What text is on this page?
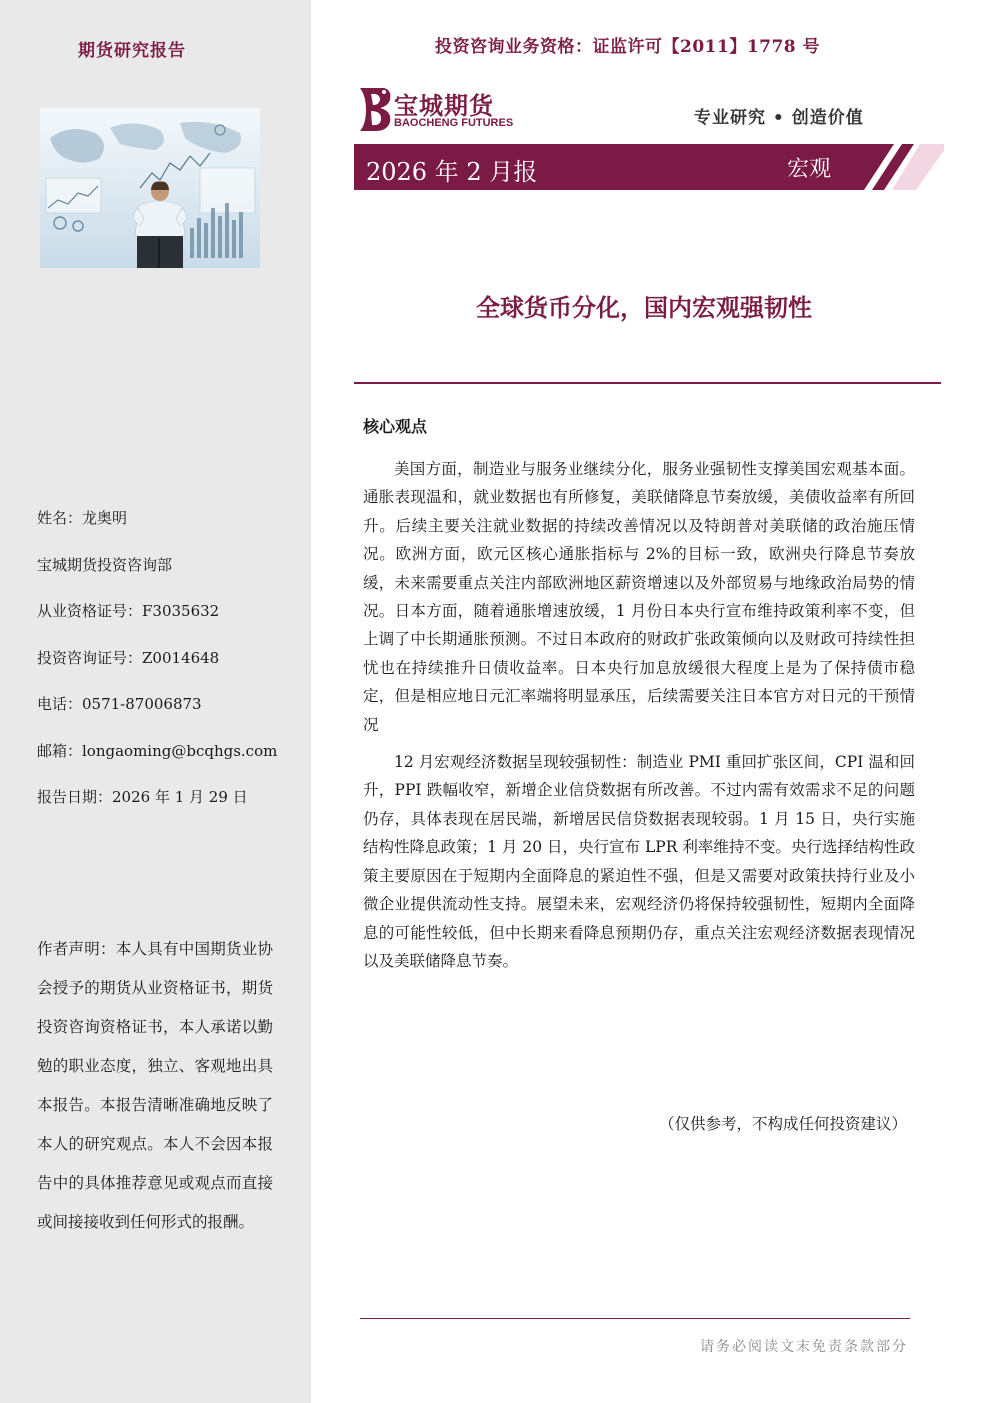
期货研究报告
姓名：龙奥明
宝城期货投资咨询部
从业资格证号：F3035632
投资咨询证号：Z0014648
电话：0571-87006873
邮箱：longaoming@bcqhgs.com
报告日期：2026 年 1 月 29 日
作者声明：本人具有中国期货业协会授予的期货从业资格证书，期货投资咨询资格证书，本人承诺以勤勉的职业态度，独立、客观地出具本报告。本报告清晰准确地反映了本人的研究观点。本人不会因本报告中的具体推荐意见或观点而直接或间接接收到任何形式的报酬。
投资咨询业务资格：证监许可【2011】1778 号
宝城期货
BAOCHENG FUTURES	专业研究 • 创造价值
2026 年 2 月报	宏观
全球货币分化，国内宏观强韧性
核心观点

美国方面，制造业与服务业继续分化，服务业强韧性支撑美国宏观基本面。通胀表现温和，就业数据也有所修复，美联储降息节奏放缓，美债收益率有所回升。后续主要关注就业数据的持续改善情况以及特朗普对美联储的政治施压情况。欧洲方面，欧元区核心通胀指标与 2%的目标一致，欧洲央行降息节奏放缓，未来需要重点关注内部欧洲地区薪资增速以及外部贸易与地缘政治局势的情况。日本方面，随着通胀增速放缓，1 月份日本央行宣布维持政策利率不变，但上调了中长期通胀预测。不过日本政府的财政扩张政策倾向以及财政可持续性担忧也在持续推升日债收益率。日本央行加息放缓很大程度上是为了保持债市稳定，但是相应地日元汇率端将明显承压，后续需要关注日本官方对日元的干预情况

12 月宏观经济数据呈现较强韧性：制造业 PMI 重回扩张区间，CPI 温和回升，PPI 跌幅收窄，新增企业信贷数据有所改善。不过内需有效需求不足的问题仍存，具体表现在居民端，新增居民信贷数据表现较弱。1 月 15 日，央行实施结构性降息政策；1 月 20 日，央行宣布 LPR 利率维持不变。央行选择结构性政策主要原因在于短期内全面降息的紧迫性不强，但是又需要对政策扶持行业及小微企业提供流动性支持。展望未来，宏观经济仍将保持较强韧性，短期内全面降息的可能性较低，但中长期来看降息预期仍存，重点关注宏观经济数据表现情况以及美联储降息节奏。

（仅供参考，不构成任何投资建议）
请务必阅读文末免责条款部分
